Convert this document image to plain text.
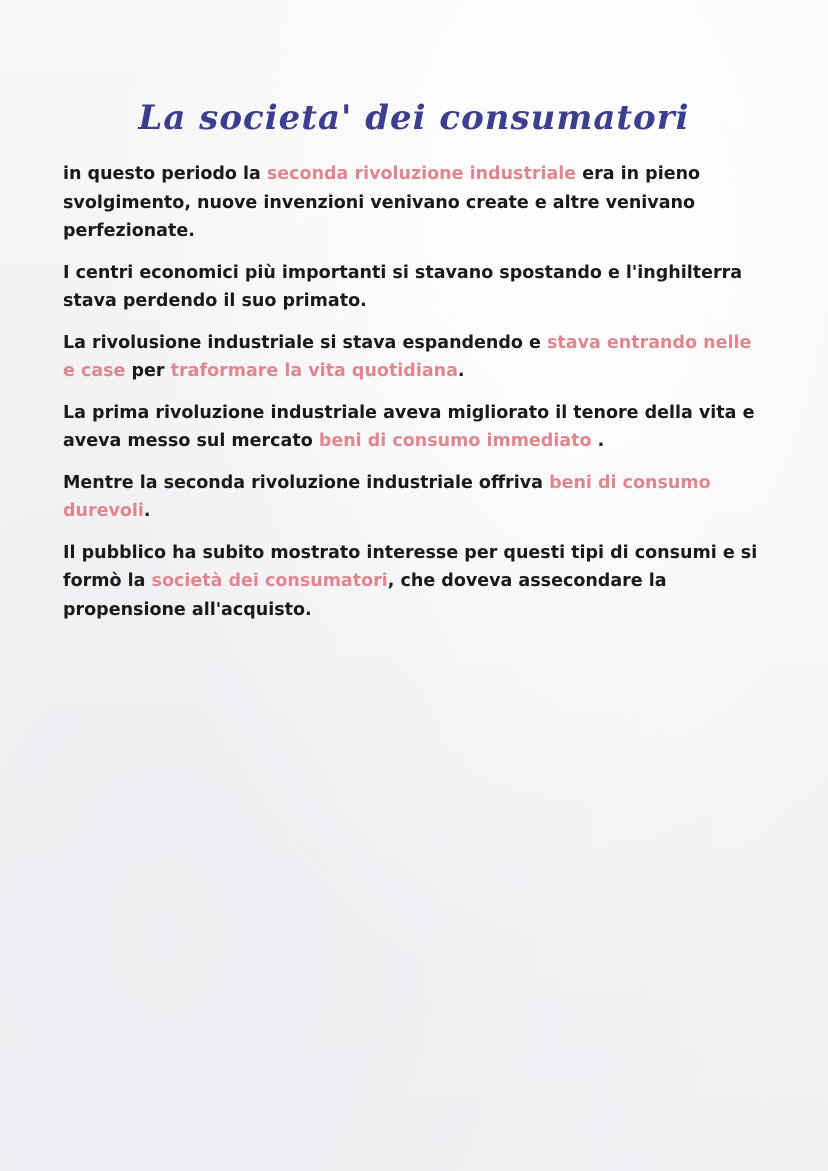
La societa' dei consumatori

in questo periodo la seconda rivoluzione industriale era in pieno svolgimento, nuove invenzioni venivano create e altre venivano perfezionate.

I centri economici più importanti si stavano spostando e l'inghilterra stava perdendo il suo primato.

La rivolusione industriale si stava espandendo e stava entrando nelle e case per traformare la vita quotidiana.

La prima rivoluzione industriale aveva migliorato il tenore della vita e aveva messo sul mercato beni di consumo immediato .

Mentre la seconda rivoluzione industriale offriva beni di consumo durevoli.

Il pubblico ha subito mostrato interesse per questi tipi di consumi e si formò la società dei consumatori, che doveva assecondare la propensione all'acquisto.
